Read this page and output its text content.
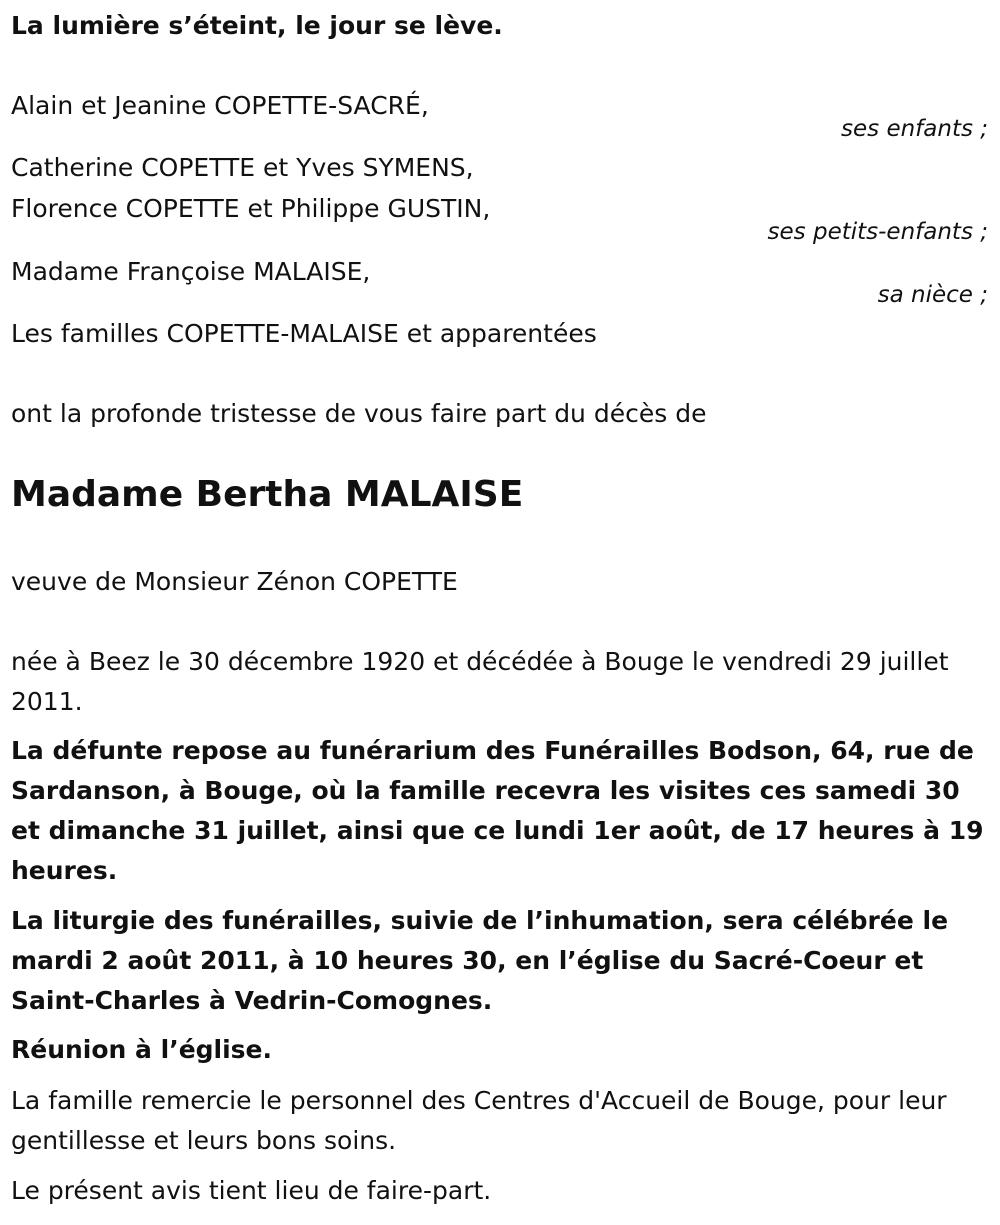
La lumière s’éteint, le jour se lève.
Alain et Jeanine COPETTE-SACRÉ,
ses enfants ;
Catherine COPETTE et Yves SYMENS,
Florence COPETTE et Philippe GUSTIN,
ses petits-enfants ;
Madame Françoise MALAISE,
sa nièce ;
Les familles COPETTE-MALAISE et apparentées
ont la profonde tristesse de vous faire part du décès de
Madame Bertha MALAISE
veuve de Monsieur Zénon COPETTE
née à Beez le 30 décembre 1920 et décédée à Bouge le vendredi 29 juillet 2011.
La défunte repose au funérarium des Funérailles Bodson, 64, rue de Sardanson, à Bouge, où la famille recevra les visites ces samedi 30 et dimanche 31 juillet, ainsi que ce lundi 1er août, de 17 heures à 19 heures.
La liturgie des funérailles, suivie de l’inhumation, sera célébrée le mardi 2 août 2011, à 10 heures 30, en l’église du Sacré-Coeur et Saint-Charles à Vedrin-Comognes.
Réunion à l’église.
La famille remercie le personnel des Centres d'Accueil de Bouge, pour leur gentillesse et leurs bons soins.
Le présent avis tient lieu de faire-part.
